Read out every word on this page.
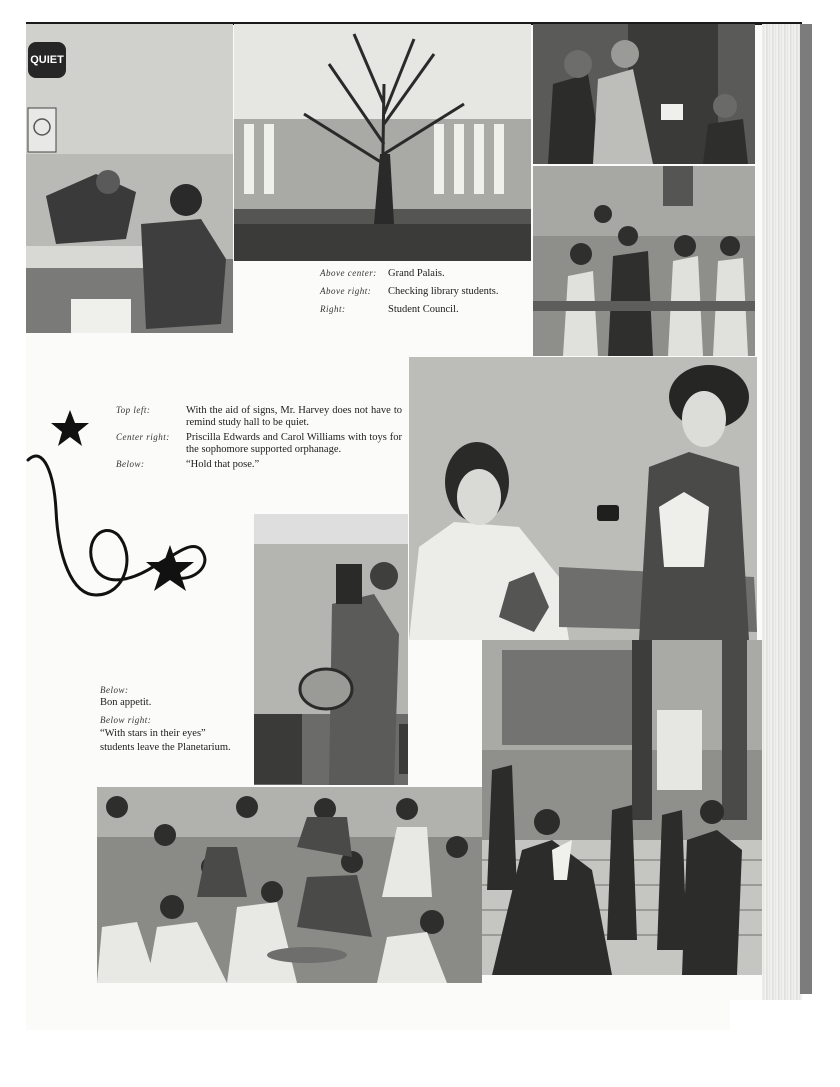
QUIET
Above center:	Grand Palais.
Above right:	Checking library students.
Right:	Student Council.
Top left:	With the aid of signs, Mr. Harvey does not have to remind study hall to be quiet.
Center right:	Priscilla Edwards and Carol Williams with toys for the sophomore supported orphanage.
Below:	“Hold that pose.”
Below:
Bon appetit.
Below right:
“With stars in their eyes” students leave the Planetarium.
